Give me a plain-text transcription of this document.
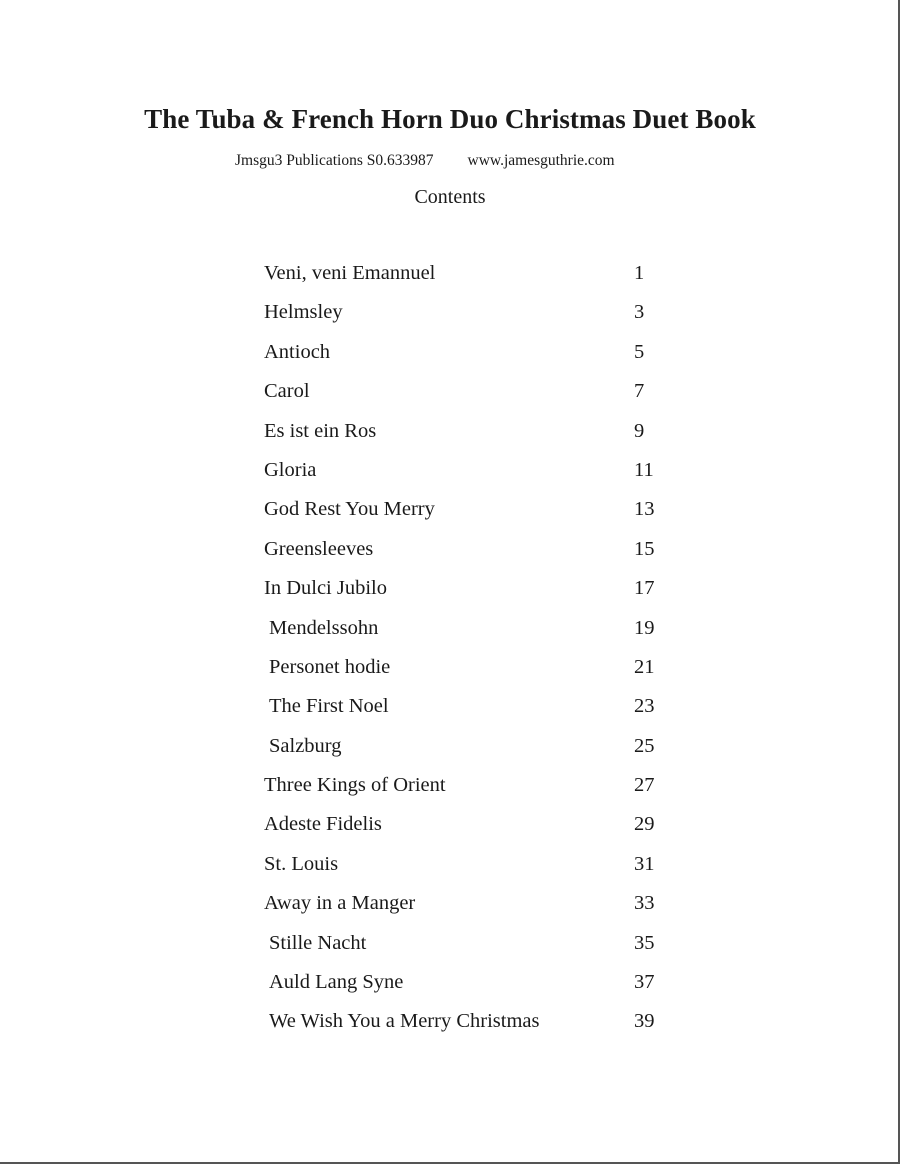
The Tuba & French Horn Duo Christmas Duet Book
Jmsgu3 Publications S0.633987 www.jamesguthrie.com
Contents
Veni, veni Emannuel	1
Helmsley	3
Antioch	5
Carol	7
Es ist ein Ros	9
Gloria	11
God Rest You Merry	13
Greensleeves	15
In Dulci Jubilo	17
Mendelssohn	19
Personet hodie	21
The First Noel	23
Salzburg	25
Three Kings of Orient	27
Adeste Fidelis	29
St. Louis	31
Away in a Manger	33
Stille Nacht	35
Auld Lang Syne	37
We Wish You a Merry Christmas	39
